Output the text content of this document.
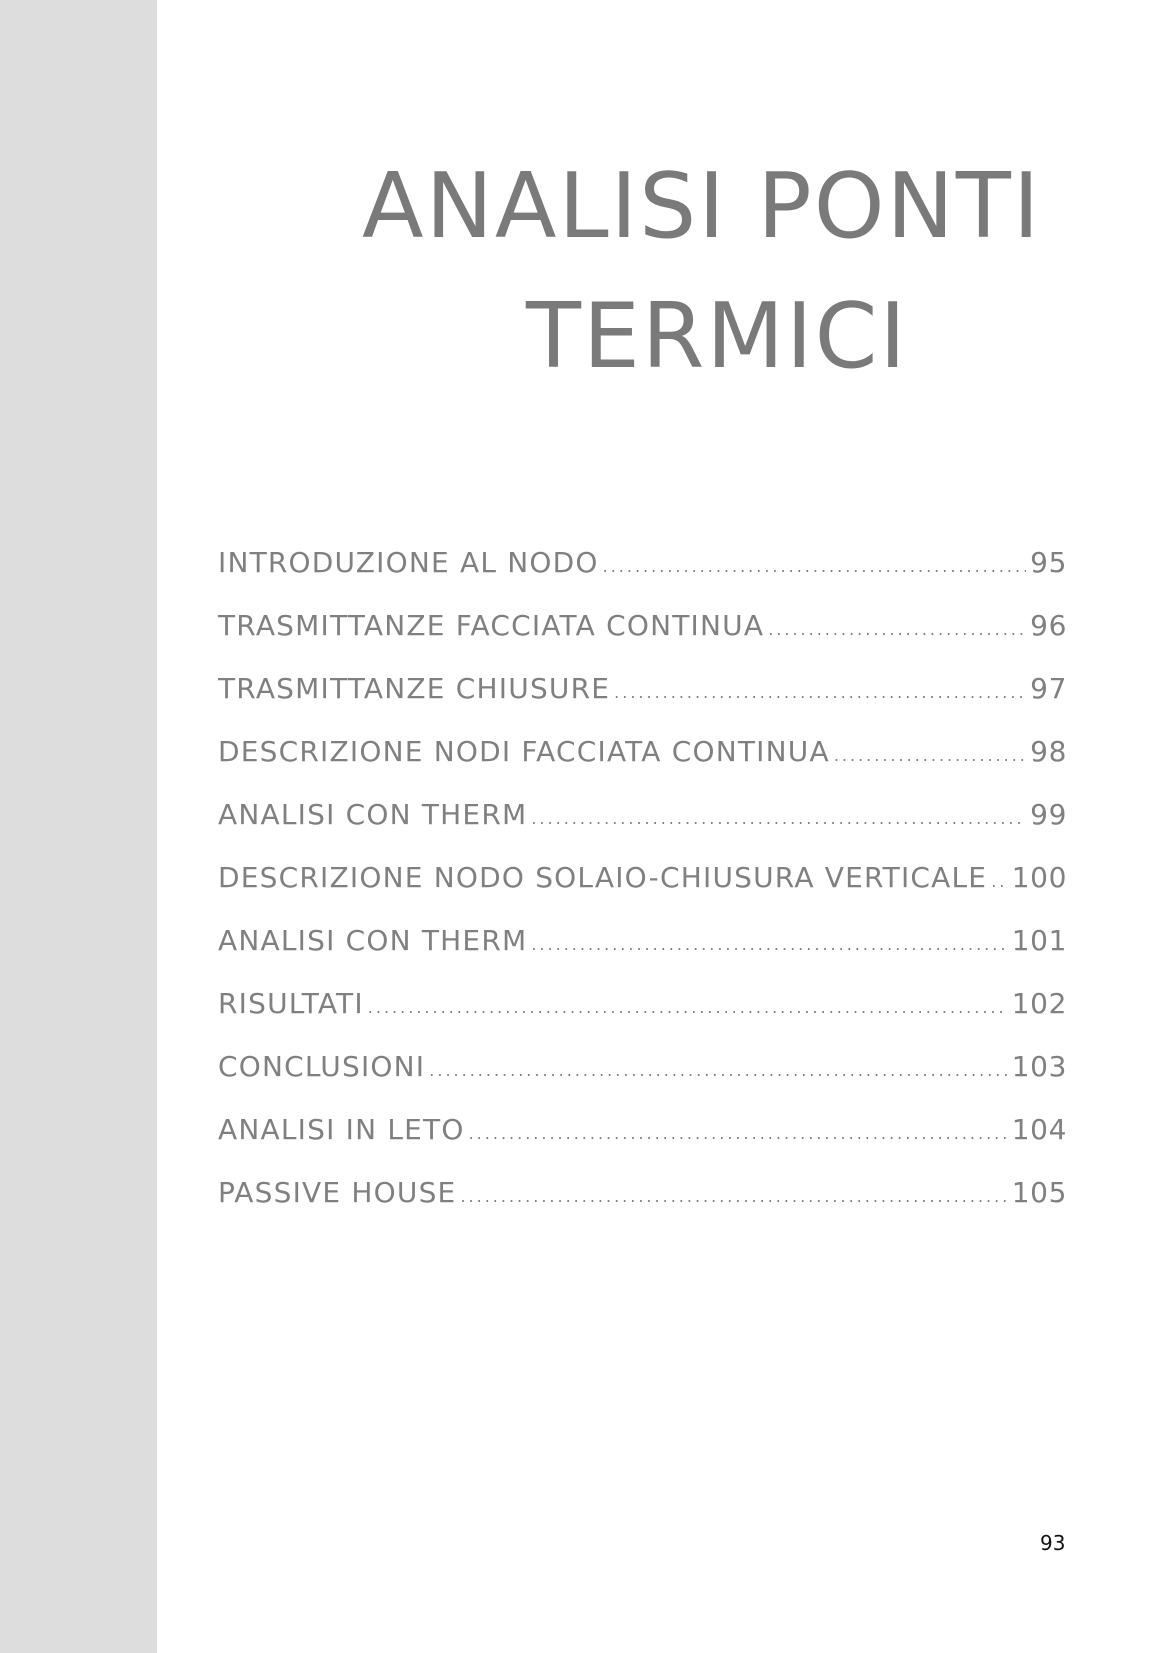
ANALISI PONTI
TERMICI
INTRODUZIONE AL NODO .....	95
TRASMITTANZE FACCIATA CONTINUA .....	96
TRASMITTANZE CHIUSURE .....	97
DESCRIZIONE NODI FACCIATA CONTINUA .....	98
ANALISI CON THERM .....	99
DESCRIZIONE NODO SOLAIO-CHIUSURA VERTICALE ..... 100
ANALISI CON THERM .....	101
RISULTATI .....	102
CONCLUSIONI .....	103
ANALISI IN LETO .....	104
PASSIVE HOUSE .....	105
93
